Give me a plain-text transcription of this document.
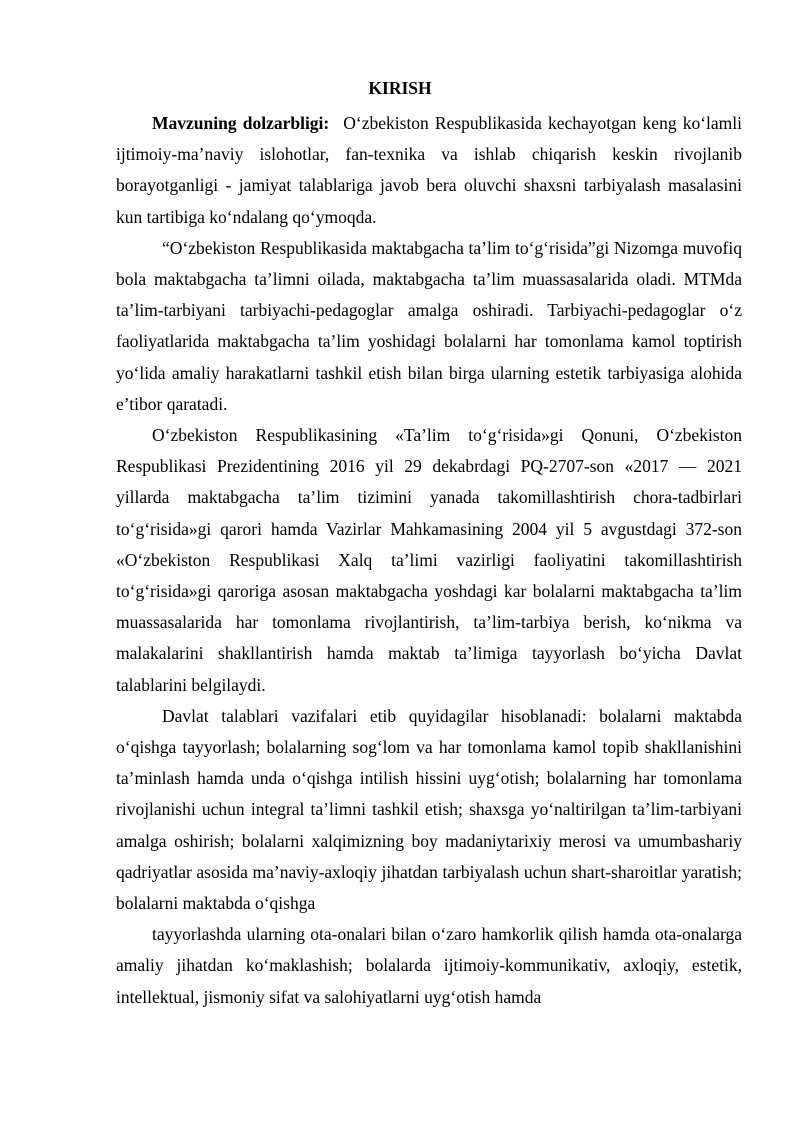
KIRISH

Mavzuning dolzarbligi: O‘zbekiston Respublikasida kechayotgan keng ko‘lamli ijtimoiy-ma’naviy islohotlar, fan-texnika va ishlab chiqarish keskin rivojlanib borayotganligi - jamiyat talablariga javob bera oluvchi shaxsni tarbiyalash masalasini kun tartibiga ko‘ndalang qo‘ymoqda.

“O‘zbekiston Respublikasida maktabgacha ta’lim to‘g‘risida”gi Nizomga muvofiq bola maktabgacha ta’limni oilada, maktabgacha ta’lim muassasalarida oladi. MTMda ta’lim-tarbiyani tarbiyachi-pedagoglar amalga oshiradi. Tarbiyachi-pedagoglar o‘z faoliyatlarida maktabgacha ta’lim yoshidagi bolalarni har tomonlama kamol toptirish yo‘lida amaliy harakatlarni tashkil etish bilan birga ularning estetik tarbiyasiga alohida e’tibor qaratadi.

O‘zbekiston Respublikasining «Ta’lim to‘g‘risida»gi Qonuni, O‘zbekiston Respublikasi Prezidentining 2016 yil 29 dekabrdagi PQ-2707-son «2017 — 2021 yillarda maktabgacha ta’lim tizimini yanada takomillashtirish chora-tadbirlari to‘g‘risida»gi qarori hamda Vazirlar Mahkamasining 2004 yil 5 avgustdagi 372-son «O‘zbekiston Respublikasi Xalq ta’limi vazirligi faoliyatini takomillashtirish to‘g‘risida»gi qaroriga asosan maktabgacha yoshdagi kar bolalarni maktabgacha ta’lim muassasalarida har tomonlama rivojlantirish, ta’lim-tarbiya berish, ko‘nikma va malakalarini shakllantirish hamda maktab ta’limiga tayyorlash bo‘yicha Davlat talablarini belgilaydi.

Davlat talablari vazifalari etib quyidagilar hisoblanadi: bolalarni maktabda o‘qishga tayyorlash; bolalarning sog‘lom va har tomonlama kamol topib shakllanishini ta’minlash hamda unda o‘qishga intilish hissini uyg‘otish; bolalarning har tomonlama rivojlanishi uchun integral ta’limni tashkil etish; shaxsga yo‘naltirilgan ta’lim-tarbiyani amalga oshirish; bolalarni xalqimizning boy madaniytarixiy merosi va umumbashariy qadriyatlar asosida ma’naviy-axloqiy jihatdan tarbiyalash uchun shart-sharoitlar yaratish; bolalarni maktabda o‘qishga

tayyorlashda ularning ota-onalari bilan o‘zaro hamkorlik qilish hamda ota-onalarga amaliy jihatdan ko‘maklashish; bolalarda ijtimoiy-kommunikativ, axloqiy, estetik, intellektual, jismoniy sifat va salohiyatlarni uyg‘otish hamda
